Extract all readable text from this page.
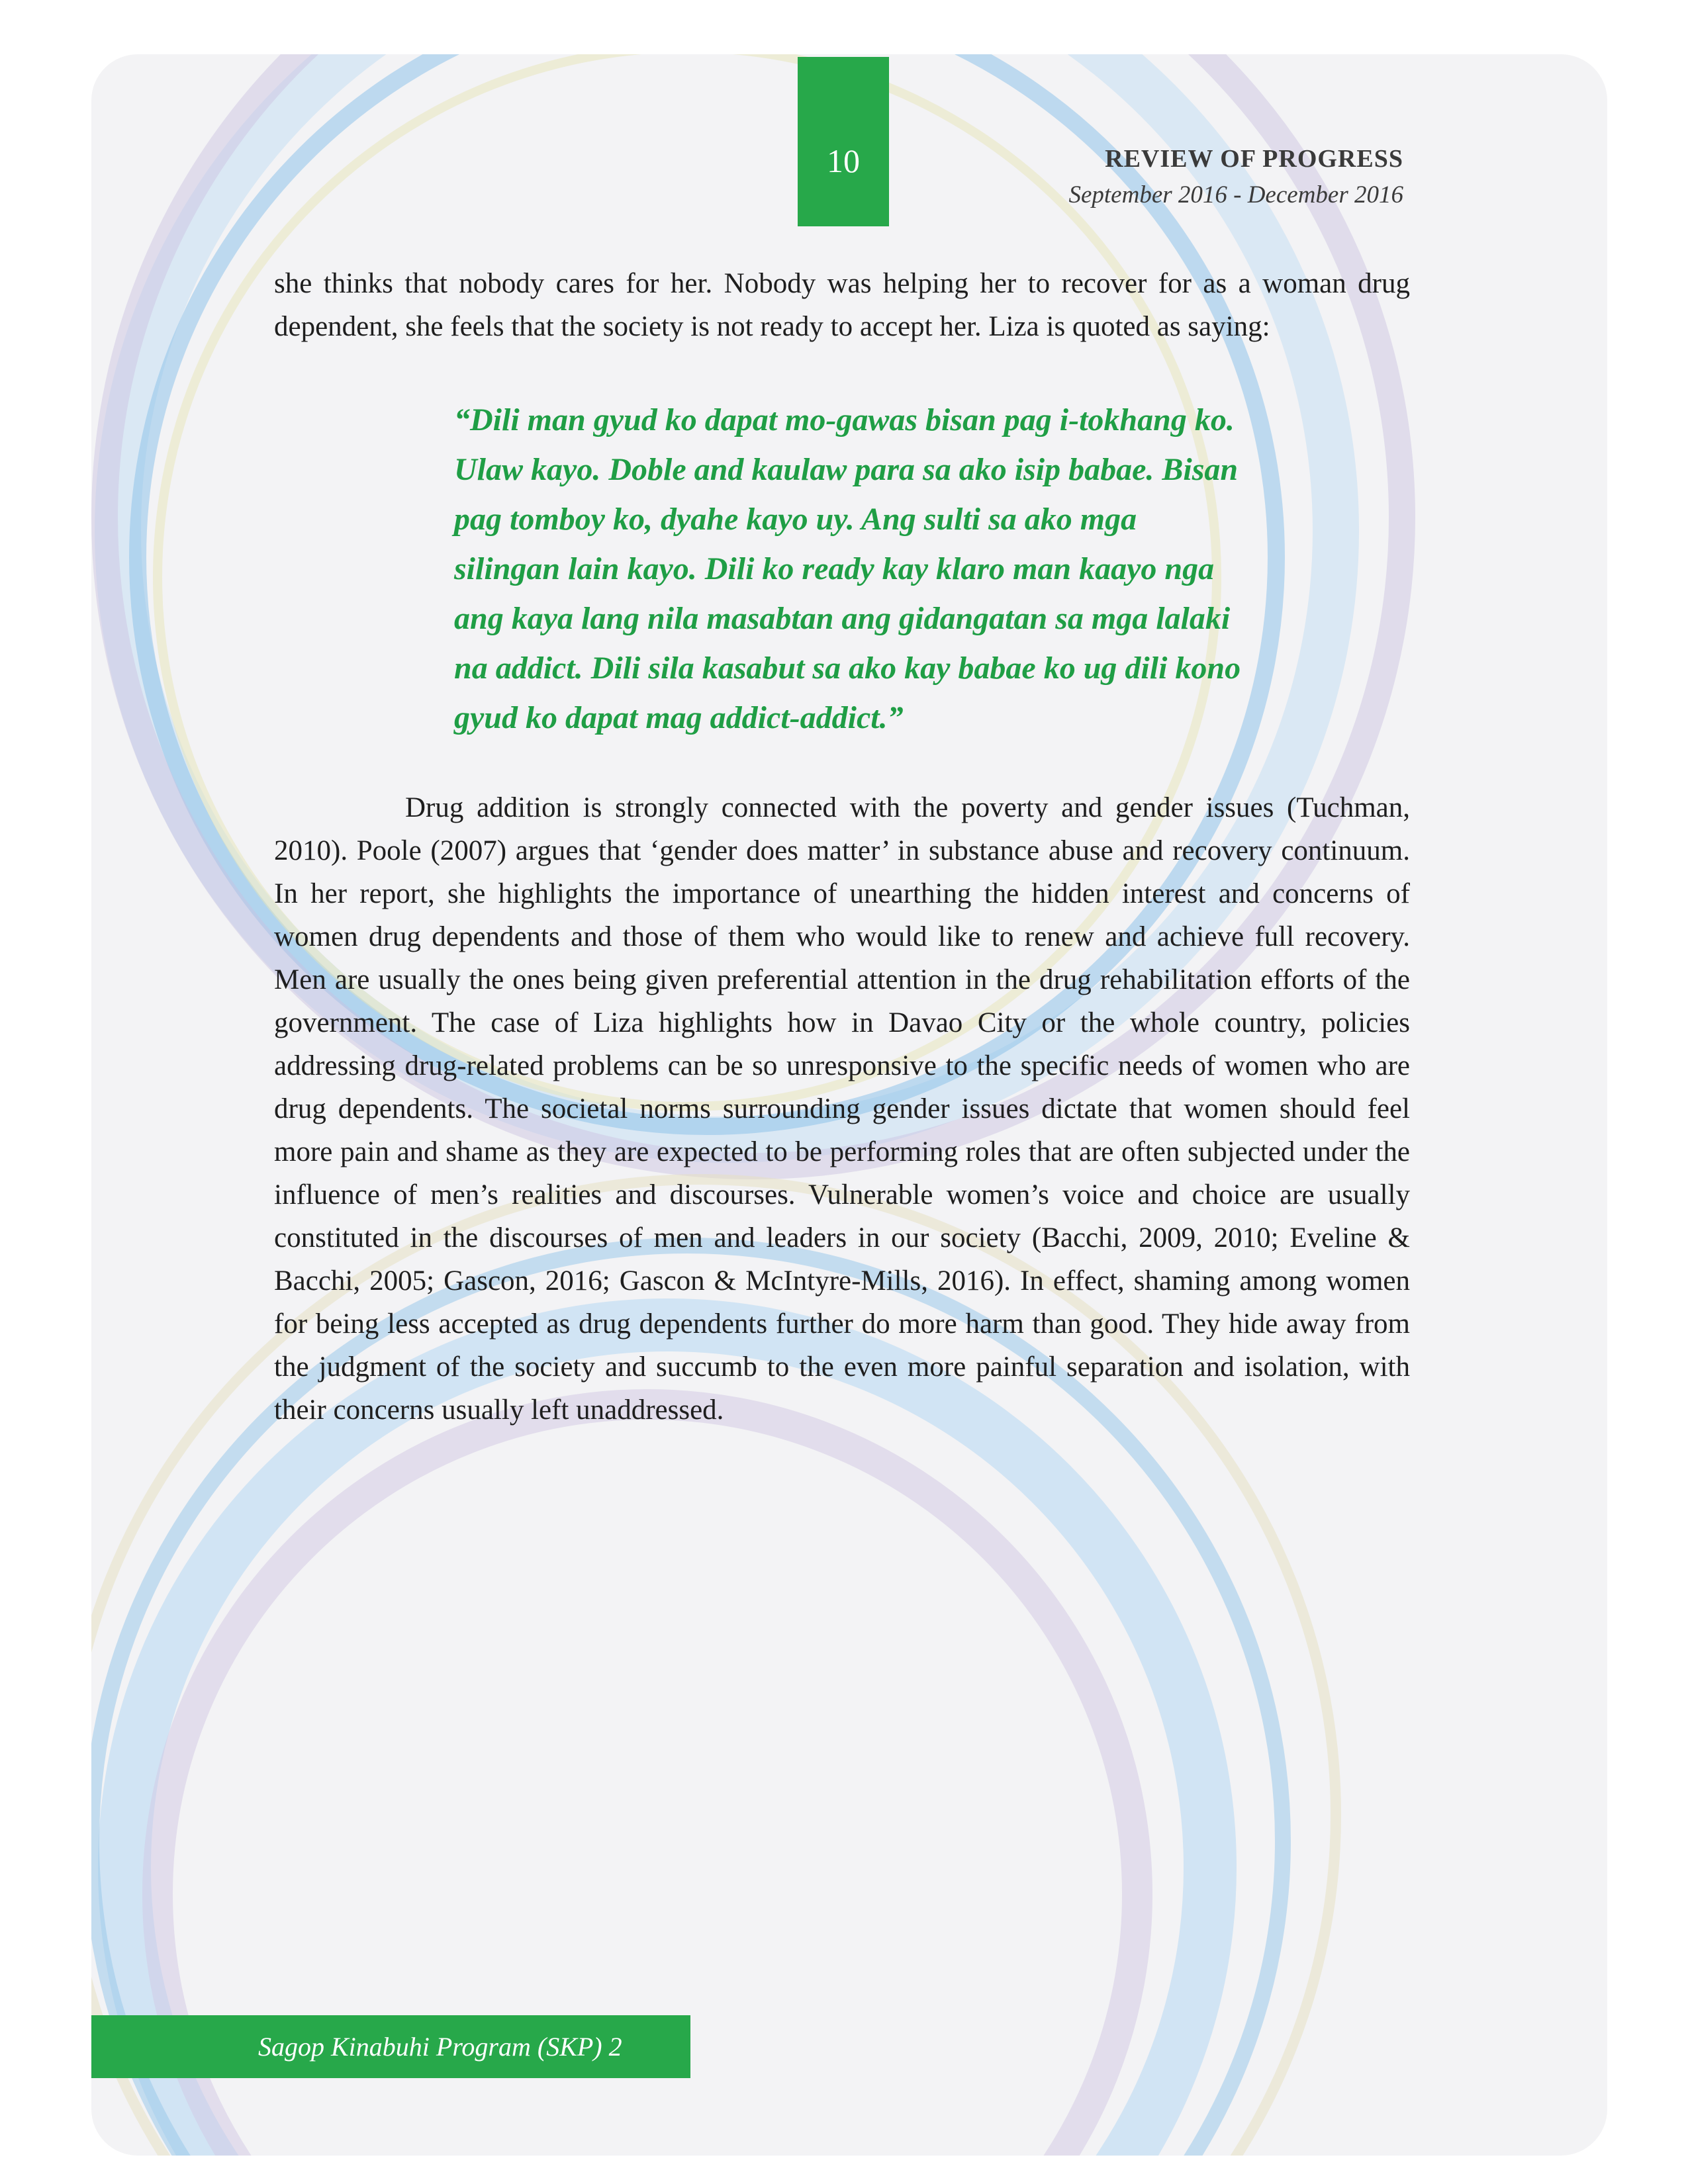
10	REVIEW OF PROGRESS
September 2016 - December 2016

she thinks that nobody cares for her. Nobody was helping her to recover for as a woman drug dependent, she feels that the society is not ready to accept her. Liza is quoted as saying:

“Dili man gyud ko dapat mo-gawas bisan pag i-tokhang ko. Ulaw kayo. Doble and kaulaw para sa ako isip babae. Bisan pag tomboy ko, dyahe kayo uy. Ang sulti sa ako mga silingan lain kayo. Dili ko ready kay klaro man kaayo nga ang kaya lang nila masabtan ang gidangatan sa mga lalaki na addict. Dili sila kasabut sa ako kay babae ko ug dili kono gyud ko dapat mag addict-addict.”

Drug addition is strongly connected with the poverty and gender issues (Tuchman, 2010). Poole (2007) argues that ‘gender does matter’ in substance abuse and recovery continuum. In her report, she highlights the importance of unearthing the hidden interest and concerns of women drug dependents and those of them who would like to renew and achieve full recovery. Men are usually the ones being given preferential attention in the drug rehabilitation efforts of the government. The case of Liza highlights how in Davao City or the whole country, policies addressing drug-related problems can be so unresponsive to the specific needs of women who are drug dependents. The societal norms surrounding gender issues dictate that women should feel more pain and shame as they are expected to be performing roles that are often subjected under the influence of men’s realities and discourses. Vulnerable women’s voice and choice are usually constituted in the discourses of men and leaders in our society (Bacchi, 2009, 2010; Eveline & Bacchi, 2005; Gascon, 2016; Gascon & McIntyre-Mills, 2016). In effect, shaming among women for being less accepted as drug dependents further do more harm than good. They hide away from the judgment of the society and succumb to the even more painful separation and isolation, with their concerns usually left unaddressed.

Sagop Kinabuhi Program (SKP) 2
